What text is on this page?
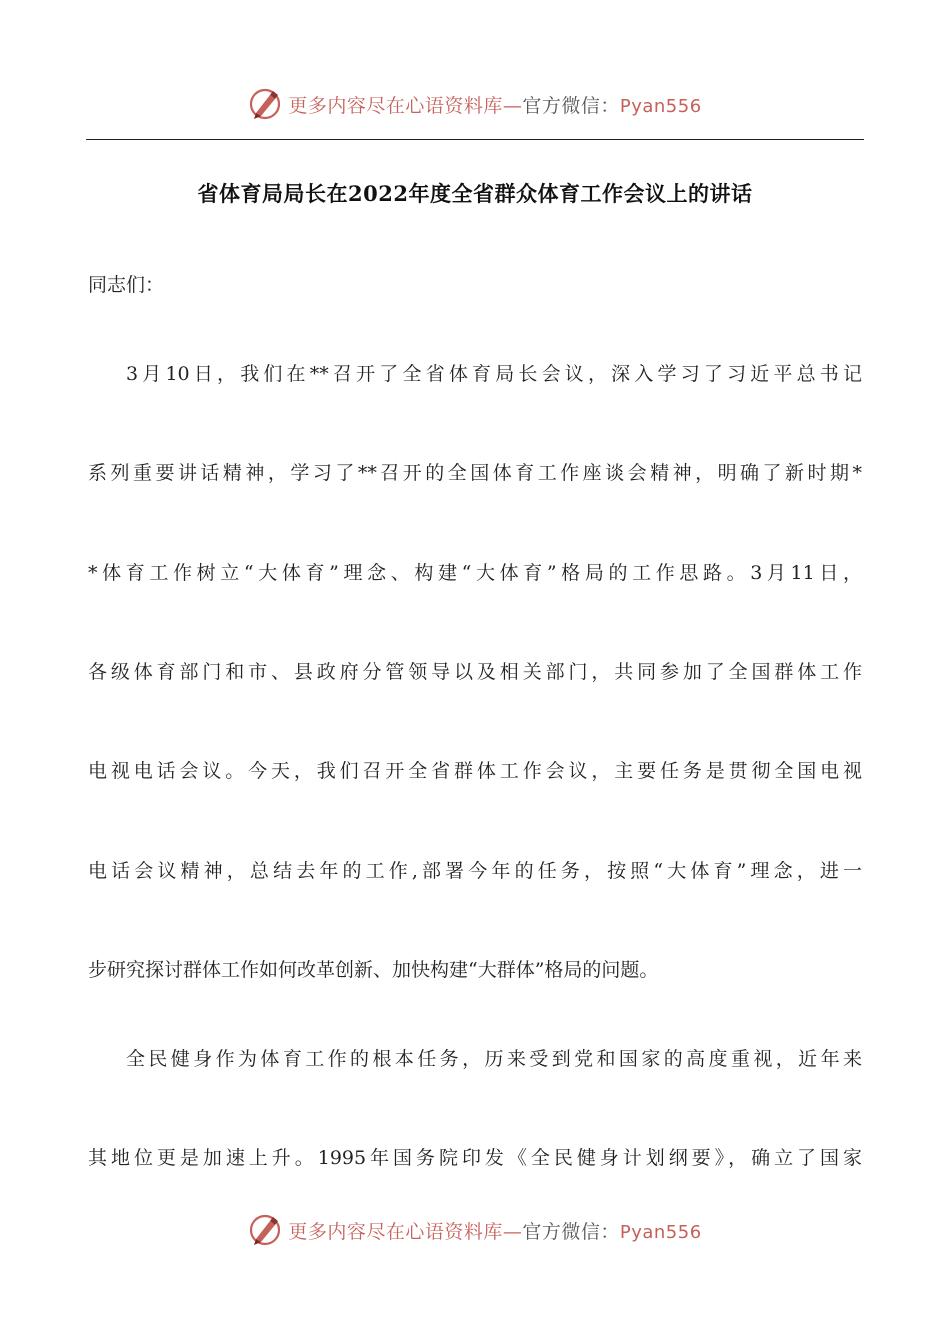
更多内容尽在心语资料库—官方微信：Pyan556
省体育局局长在2022年度全省群众体育工作会议上的讲话
同志们：
3月10日，我们在**召开了全省体育局长会议，深入学习了习近平总书记
系列重要讲话精神，学习了**召开的全国体育工作座谈会精神，明确了新时期*
*体育工作树立“大体育”理念、构建“大体育”格局的工作思路。3月11日，
各级体育部门和市、县政府分管领导以及相关部门，共同参加了全国群体工作
电视电话会议。今天，我们召开全省群体工作会议，主要任务是贯彻全国电视
电话会议精神，总结去年的工作,部署今年的任务，按照“大体育”理念，进一
步研究探讨群体工作如何改革创新、加快构建“大群体”格局的问题。
全民健身作为体育工作的根本任务，历来受到党和国家的高度重视，近年来
其地位更是加速上升。1995年国务院印发《全民健身计划纲要》，确立了国家
更多内容尽在心语资料库—官方微信：Pyan556
